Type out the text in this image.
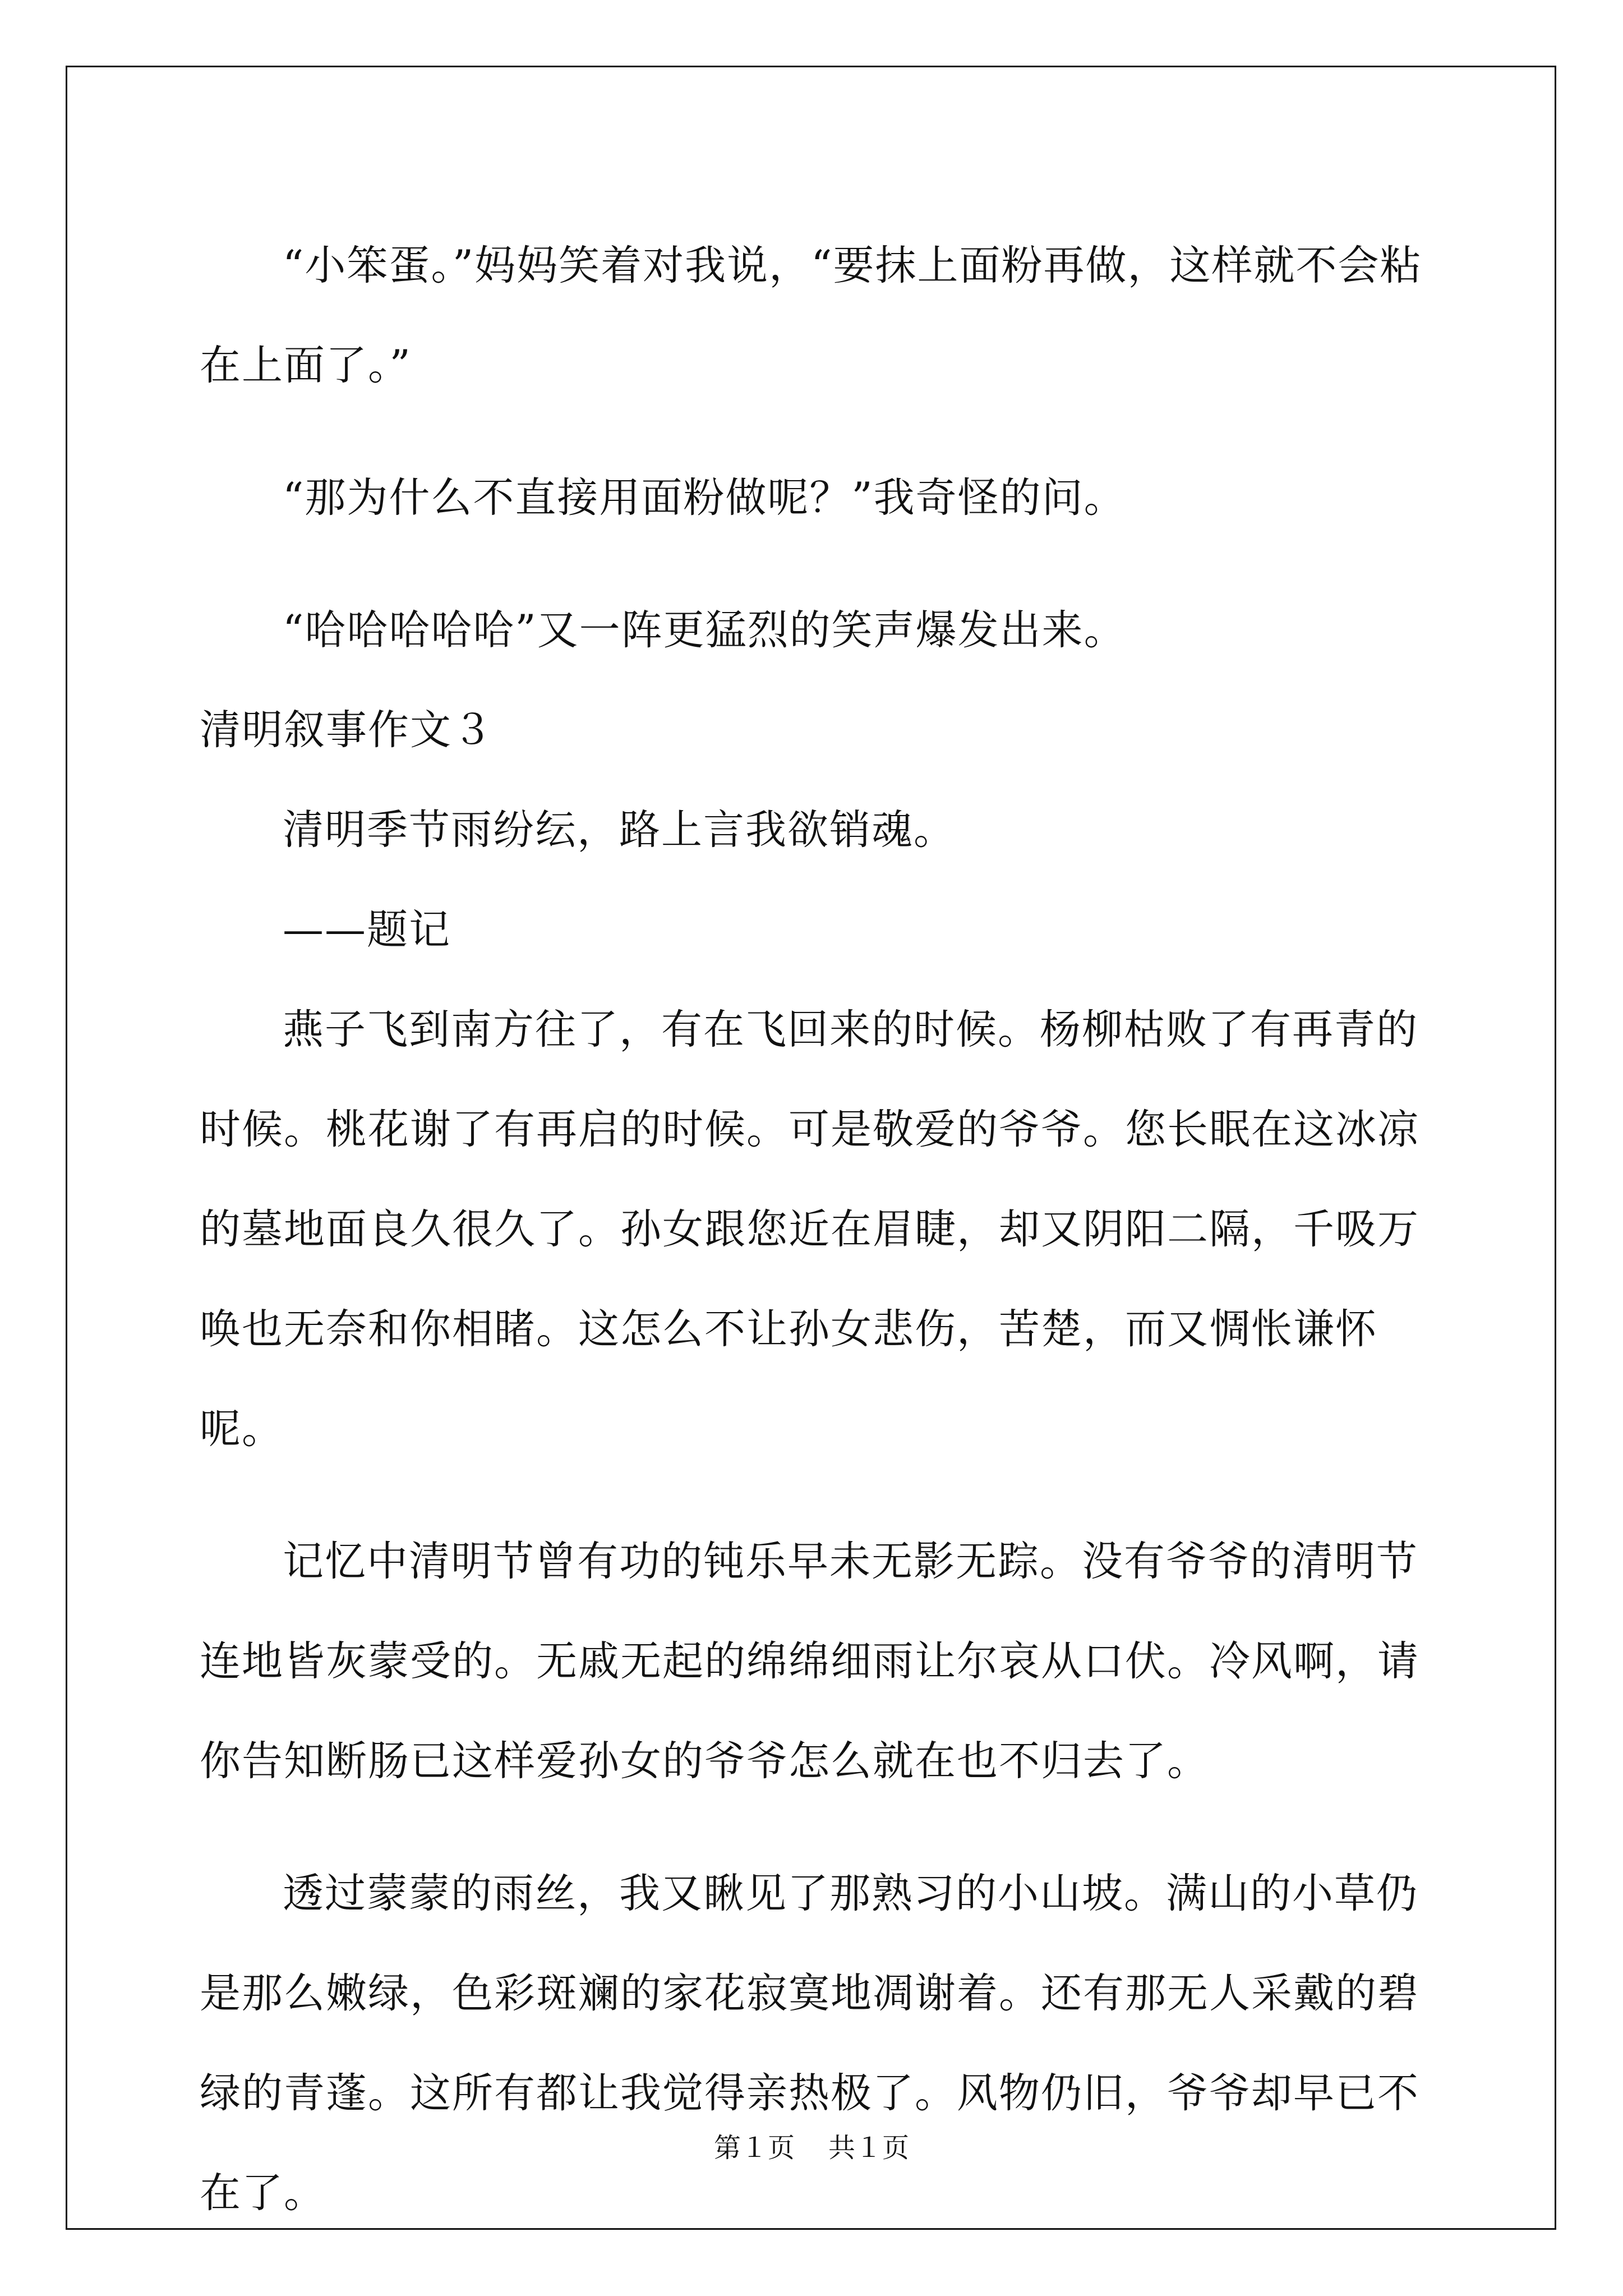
“小笨蛋。”妈妈笑着对我说，“要抹上面粉再做，这样就不会粘在上面了。”

“那为什么不直接用面粉做呢？”我奇怪的问。

“哈哈哈哈哈”又一阵更猛烈的笑声爆发出来。

清明叙事作文３

清明季节雨纷纭，路上言我欲销魂。

——题记

燕子飞到南方往了，有在飞回来的时候。杨柳枯败了有再青的时候。桃花谢了有再启的时候。可是敬爱的爷爷。您长眠在这冰凉的墓地面良久很久了。孙女跟您近在眉睫，却又阴阳二隔，千吸万唤也无奈和你相睹。这怎么不让孙女悲伤，苦楚，而又惆怅谦怀呢。

记忆中清明节曾有功的钝乐早未无影无踪。没有爷爷的清明节连地皆灰蒙受的。无戚无起的绵绵细雨让尔哀从口伏。冷风啊，请你告知断肠已这样爱孙女的爷爷怎么就在也不归去了。

透过蒙蒙的雨丝，我又瞅见了那熟习的小山坡。满山的小草仍是那么嫩绿，色彩斑斓的家花寂寞地凋谢着。还有那无人采戴的碧绿的青蓬。这所有都让我觉得亲热极了。风物仍旧，爷爷却早已不在了。

第１页 共１页
